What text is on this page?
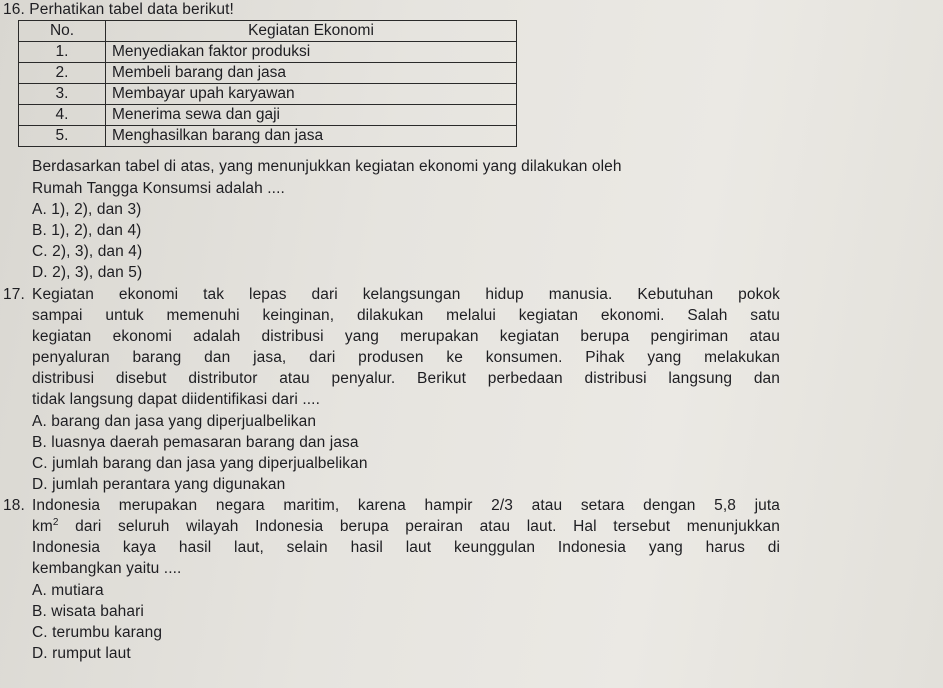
16. Perhatikan tabel data berikut!
No.	Kegiatan Ekonomi
1.	Menyediakan faktor produksi
2.	Membeli barang dan jasa
3.	Membayar upah karyawan
4.	Menerima sewa dan gaji
5.	Menghasilkan barang dan jasa
Berdasarkan tabel di atas, yang menunjukkan kegiatan ekonomi yang dilakukan oleh
Rumah Tangga Konsumsi adalah ....
A. 1), 2), dan 3)
B. 1), 2), dan 4)
C. 2), 3), dan 4)
D. 2), 3), dan 5)
17. Kegiatan ekonomi tak lepas dari kelangsungan hidup manusia. Kebutuhan pokok
sampai untuk memenuhi keinginan, dilakukan melalui kegiatan ekonomi. Salah satu
kegiatan ekonomi adalah distribusi yang merupakan kegiatan berupa pengiriman atau
penyaluran barang dan jasa, dari produsen ke konsumen. Pihak yang melakukan
distribusi disebut distributor atau penyalur. Berikut perbedaan distribusi langsung dan
tidak langsung dapat diidentifikasi dari ....
A. barang dan jasa yang diperjualbelikan
B. luasnya daerah pemasaran barang dan jasa
C. jumlah barang dan jasa yang diperjualbelikan
D. jumlah perantara yang digunakan
18. Indonesia merupakan negara maritim, karena hampir 2/3 atau setara dengan 5,8 juta
$km^2$ dari seluruh wilayah Indonesia berupa perairan atau laut. Hal tersebut menunjukkan
Indonesia kaya hasil laut, selain hasil laut keunggulan Indonesia yang harus di
kembangkan yaitu ....
A. mutiara
B. wisata bahari
C. terumbu karang
D. rumput laut
